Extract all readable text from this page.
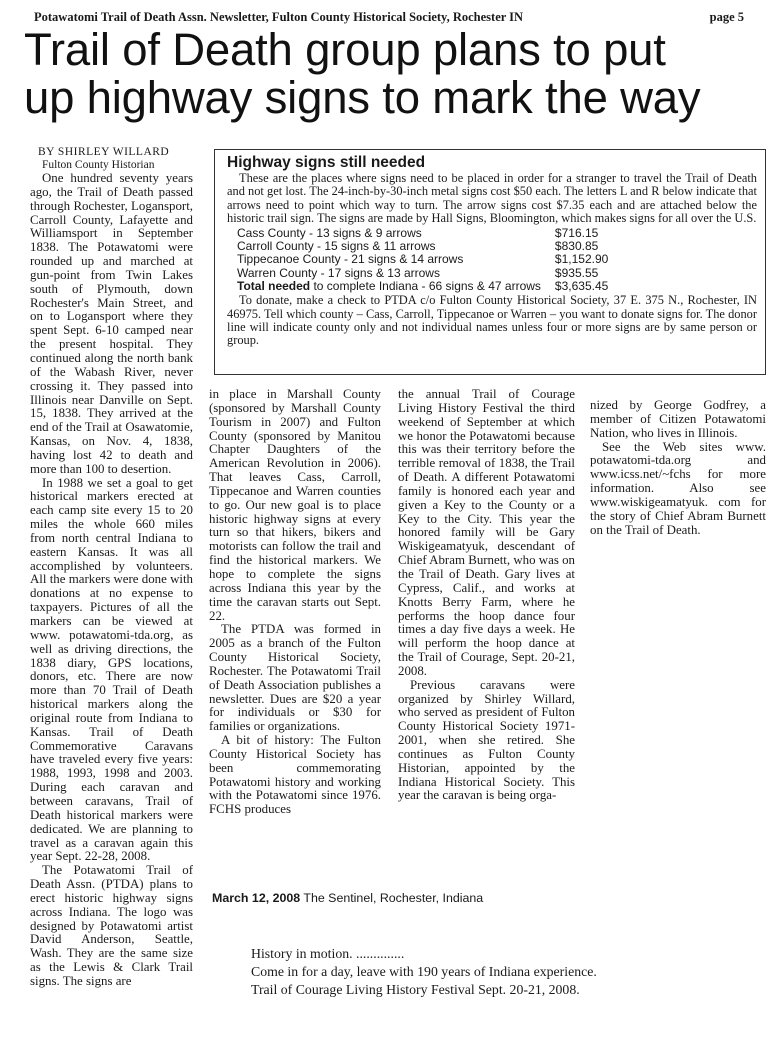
Potawatomi Trail of Death Assn. Newsletter, Fulton County Historical Society, Rochester IN	page 5
Trail of Death group plans to put
up highway signs to mark the way
BY SHIRLEY WILLARD
Fulton County Historian

One hundred seventy years ago, the Trail of Death passed through Rochester, Logansport, Carroll County, Lafayette and Williamsport in September 1838. The Potawatomi were rounded up and marched at gun-point from Twin Lakes south of Plymouth, down Rochester's Main Street, and on to Logansport where they spent Sept. 6-10 camped near the present hospital. They continued along the north bank of the Wabash River, never crossing it. They passed into Illinois near Danville on Sept. 15, 1838. They arrived at the end of the Trail at Osawatomie, Kansas, on Nov. 4, 1838, having lost 42 to death and more than 100 to desertion.

In 1988 we set a goal to get historical markers erected at each camp site every 15 to 20 miles the whole 660 miles from north central Indiana to eastern Kansas. It was all accomplished by volunteers. All the markers were done with donations at no expense to taxpayers. Pictures of all the markers can be viewed at www. potawatomi-tda.org, as well as driving directions, the 1838 diary, GPS locations, donors, etc. There are now more than 70 Trail of Death historical markers along the original route from Indiana to Kansas. Trail of Death Commemorative Caravans have traveled every five years: 1988, 1993, 1998 and 2003. During each caravan and between caravans, Trail of Death historical markers were dedicated. We are planning to travel as a caravan again this year Sept. 22-28, 2008.

The Potawatomi Trail of Death Assn. (PTDA) plans to erect historic highway signs across Indiana. The logo was designed by Potawatomi artist David Anderson, Seattle, Wash. They are the same size as the Lewis & Clark Trail signs. The signs are

Highway signs still needed
These are the places where signs need to be placed in order for a stranger to travel the Trail of Death and not get lost. The 24-inch-by-30-inch metal signs cost $50 each. The letters L and R below indicate that arrows need to point which way to turn. The arrow signs cost $7.35 each and are attached below the historic trail sign. The signs are made by Hall Signs, Bloomington, which makes signs for all over the U.S.
Cass County - 13 signs & 9 arrows	$716.15
Carroll County - 15 signs & 11 arrows	$830.85
Tippecanoe County - 21 signs & 14 arrows	$1,152.90
Warren County - 17 signs & 13 arrows	$935.55
Total needed to complete Indiana - 66 signs & 47 arrows	$3,635.45
To donate, make a check to PTDA c/o Fulton County Historical Society, 37 E. 375 N., Rochester, IN 46975. Tell which county – Cass, Carroll, Tippecanoe or Warren – you want to donate signs for. The donor line will indicate county only and not individual names unless four or more signs are by same person or group.

in place in Marshall County (sponsored by Marshall County Tourism in 2007) and Fulton County (sponsored by Manitou Chapter Daughters of the American Revolution in 2006). That leaves Cass, Carroll, Tippecanoe and Warren counties to go. Our new goal is to place historic highway signs at every turn so that hikers, bikers and motorists can follow the trail and find the historical markers. We hope to complete the signs across Indiana this year by the time the caravan starts out Sept. 22.

The PTDA was formed in 2005 as a branch of the Fulton County Historical Society, Rochester. The Potawatomi Trail of Death Association publishes a newsletter. Dues are $20 a year for individuals or $30 for families or organizations.

A bit of history: The Fulton County Historical Society has been commemorating Potawatomi history and working with the Potawatomi since 1976. FCHS produces

the annual Trail of Courage Living History Festival the third weekend of September at which we honor the Potawatomi because this was their territory before the terrible removal of 1838, the Trail of Death. A different Potawatomi family is honored each year and given a Key to the County or a Key to the City. This year the honored family will be Gary Wiskigeamatyuk, descendant of Chief Abram Burnett, who was on the Trail of Death. Gary lives at Cypress, Calif., and works at Knotts Berry Farm, where he performs the hoop dance four times a day five days a week. He will perform the hoop dance at the Trail of Courage, Sept. 20-21, 2008.

Previous caravans were organized by Shirley Willard, who served as president of Fulton County Historical Society 1971-2001, when she retired. She continues as Fulton County Historian, appointed by the Indiana Historical Society. This year the caravan is being orga-

nized by George Godfrey, a member of Citizen Potawatomi Nation, who lives in Illinois.

See the Web sites www. potawatomi-tda.org and www.icss.net/~fchs for more information. Also see www.wiskigeamatyuk. com for the story of Chief Abram Burnett on the Trail of Death.

March 12, 2008 The Sentinel, Rochester, Indiana
History in motion. ..............
Come in for a day, leave with 190 years of Indiana experience.
Trail of Courage Living History Festival Sept. 20-21, 2008.
